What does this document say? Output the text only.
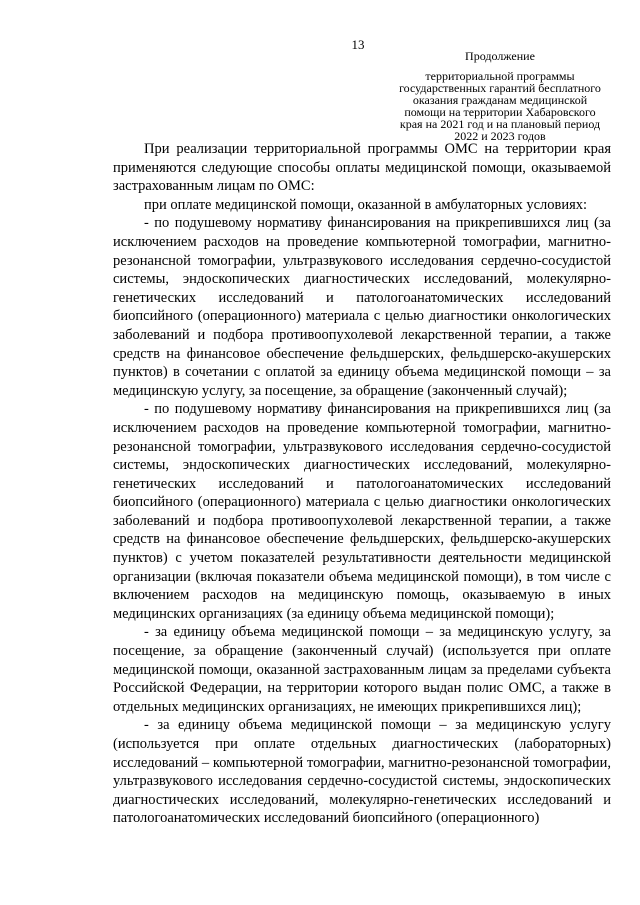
13
Продолжение
территориальной программы
государственных гарантий бесплатного
оказания гражданам медицинской
помощи на территории Хабаровского
края на 2021 год и на плановый период
2022 и 2023 годов

При реализации территориальной программы ОМС на территории края применяются следующие способы оплаты медицинской помощи, оказываемой застрахованным лицам по ОМС:

при оплате медицинской помощи, оказанной в амбулаторных условиях:

- по подушевому нормативу финансирования на прикрепившихся лиц (за исключением расходов на проведение компьютерной томографии, магнитно-резонансной томографии, ультразвукового исследования сердечно-сосудистой системы, эндоскопических диагностических исследований, молекулярно-генетических исследований и патологоанатомических исследований биопсийного (операционного) материала с целью диагностики онкологических заболеваний и подбора противоопухолевой лекарственной терапии, а также средств на финансовое обеспечение фельдшерских, фельдшерско-акушерских пунктов) в сочетании с оплатой за единицу объема медицинской помощи – за медицинскую услугу, за посещение, за обращение (законченный случай);

- по подушевому нормативу финансирования на прикрепившихся лиц (за исключением расходов на проведение компьютерной томографии, магнитно-резонансной томографии, ультразвукового исследования сердечно-сосудистой системы, эндоскопических диагностических исследований, молекулярно-генетических исследований и патологоанатомических исследований биопсийного (операционного) материала с целью диагностики онкологических заболеваний и подбора противоопухолевой лекарственной терапии, а также средств на финансовое обеспечение фельдшерских, фельдшерско-акушерских пунктов) с учетом показателей результативности деятельности медицинской организации (включая показатели объема медицинской помощи), в том числе с включением расходов на медицинскую помощь, оказываемую в иных медицинских организациях (за единицу объема медицинской помощи);

- за единицу объема медицинской помощи – за медицинскую услугу, за посещение, за обращение (законченный случай) (используется при оплате медицинской помощи, оказанной застрахованным лицам за пределами субъекта Российской Федерации, на территории которого выдан полис ОМС, а также в отдельных медицинских организациях, не имеющих прикрепившихся лиц);

- за единицу объема медицинской помощи – за медицинскую услугу (используется при оплате отдельных диагностических (лабораторных) исследований – компьютерной томографии, магнитно-резонансной томографии, ультразвукового исследования сердечно-сосудистой системы, эндоскопических диагностических исследований, молекулярно-генетических исследований и патологоанатомических исследований биопсийного (операционного)
